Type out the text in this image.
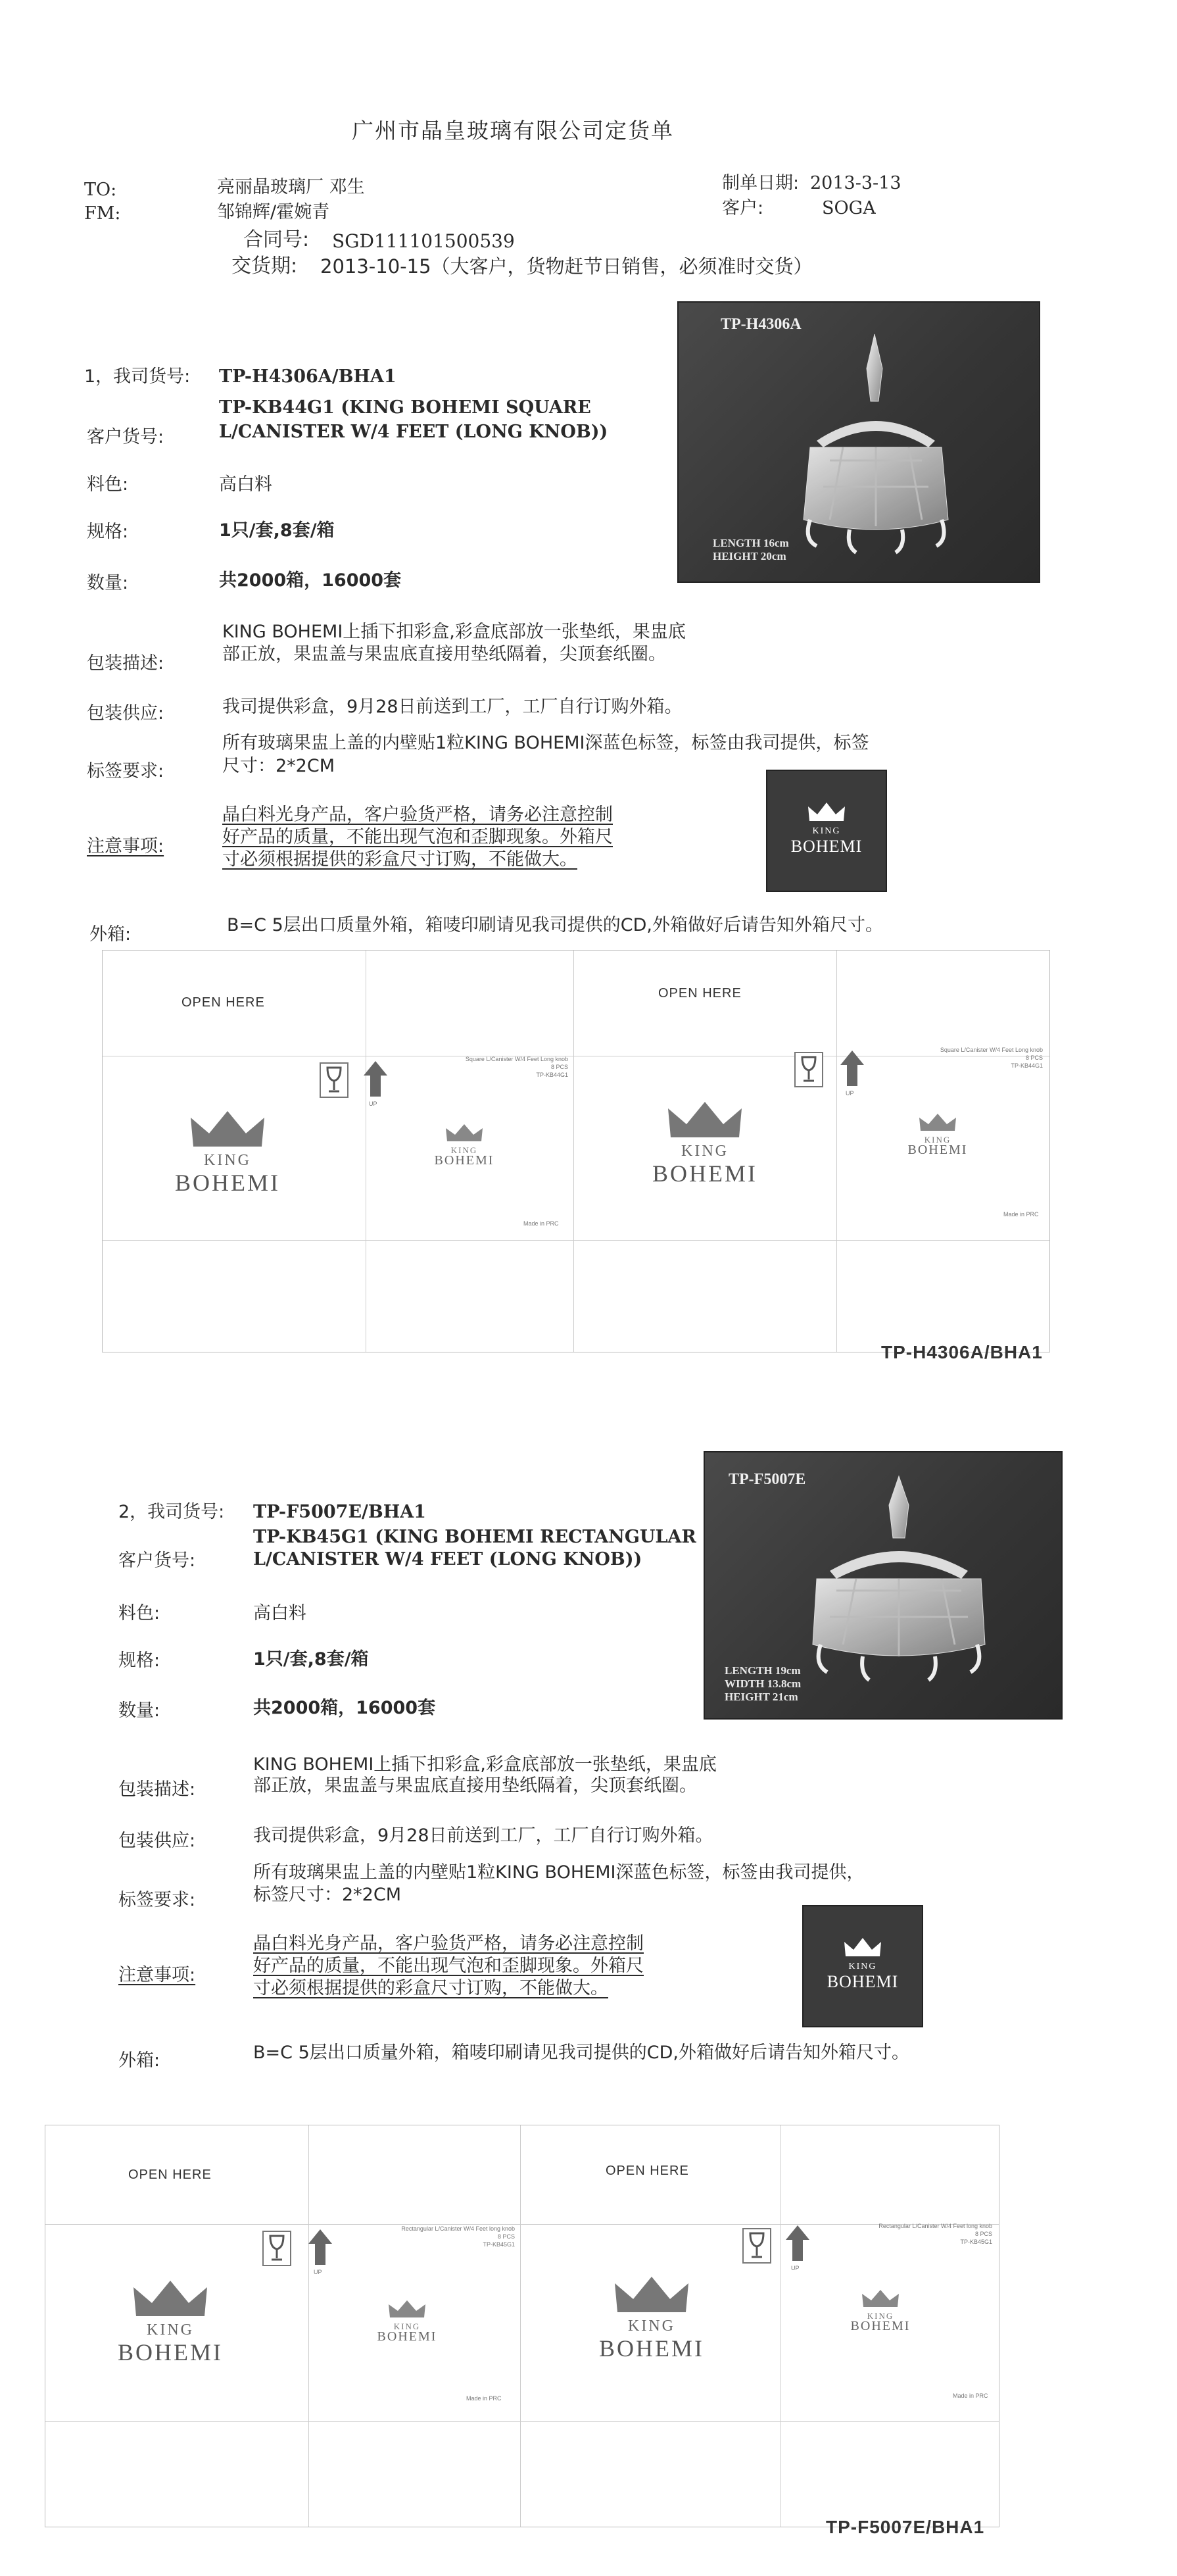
广州市晶皇玻璃有限公司定货单
TO:	亮丽晶玻璃厂 邓生
FM:	邹锦辉/霍婉青
制单日期: 2013-3-13
客户:	SOGA
合同号: SGD111101500539
交货期: 2013-10-15（大客户，货物赶节日销售，必须准时交货）
1，我司货号: TP-H4306A/BHA1
TP-KB44G1 (KING BOHEMI SQUARE
客户货号:	L/CANISTER W/4 FEET (LONG KNOB))
料色:	高白料
规格:	1只/套,8套/箱
数量:	共2000箱，16000套
KING BOHEMI上插下扣彩盒,彩盒底部放一张垫纸，果盅底
包装描述:	部正放，果盅盖与果盅底直接用垫纸隔着，尖顶套纸圈。
包装供应:	我司提供彩盒，9月28日前送到工厂，工厂自行订购外箱。
所有玻璃果盅上盖的内壁贴1粒KING BOHEMI深蓝色标签，标签由我司提供，标签
标签要求:	尺寸：2*2CM
注意事项:
晶白料光身产品，客户验货严格，请务必注意控制
好产品的质量，不能出现气泡和歪脚现象。外箱尺
寸必须根据提供的彩盒尺寸订购，不能做大。
外箱:	B=C 5层出口质量外箱，箱唛印刷请见我司提供的CD,外箱做好后请告知外箱尺寸。
TP-H4306A
LENGTH 16cm
HEIGHT 20cm
KING
BOHEMI
OPEN HERE
OPEN HERE
KING
BOHEMI
UP
Square L/Canister W/4 Feet Long knob
8 PCS
TP-KB44G1
KING
BOHEMI
Made in PRC
KING
BOHEMI
UP
Square L/Canister W/4 Feet Long knob
8 PCS
TP-KB44G1
KING
BOHEMI
Made in PRC
TP-H4306A/BHA1
2，我司货号: TP-F5007E/BHA1
TP-KB45G1 (KING BOHEMI RECTANGULAR
客户货号:	L/CANISTER W/4 FEET (LONG KNOB))
料色:	高白料
规格:	1只/套,8套/箱
数量:	共2000箱，16000套
KING BOHEMI上插下扣彩盒,彩盒底部放一张垫纸，果盅底
包装描述:	部正放，果盅盖与果盅底直接用垫纸隔着，尖顶套纸圈。
包装供应:	我司提供彩盒，9月28日前送到工厂，工厂自行订购外箱。
所有玻璃果盅上盖的内壁贴1粒KING BOHEMI深蓝色标签，标签由我司提供，
标签要求:	标签尺寸：2*2CM
注意事项:
晶白料光身产品，客户验货严格，请务必注意控制
好产品的质量，不能出现气泡和歪脚现象。外箱尺
寸必须根据提供的彩盒尺寸订购，不能做大。
外箱:	B=C 5层出口质量外箱，箱唛印刷请见我司提供的CD,外箱做好后请告知外箱尺寸。
TP-F5007E
LENGTH 19cm
WIDTH 13.8cm
HEIGHT 21cm
KING
BOHEMI
OPEN HERE	OPEN HERE
KING
BOHEMI
UP
Rectangular L/Canister W/4 Feet long knob
8 PCS
TP-KB45G1
KING
BOHEMI
Made in PRC
KING
BOHEMI
UP
Rectangular L/Canister W/4 Feet long knob
8 PCS
TP-KB45G1
KING
BOHEMI
Made in PRC
TP-F5007E/BHA1
